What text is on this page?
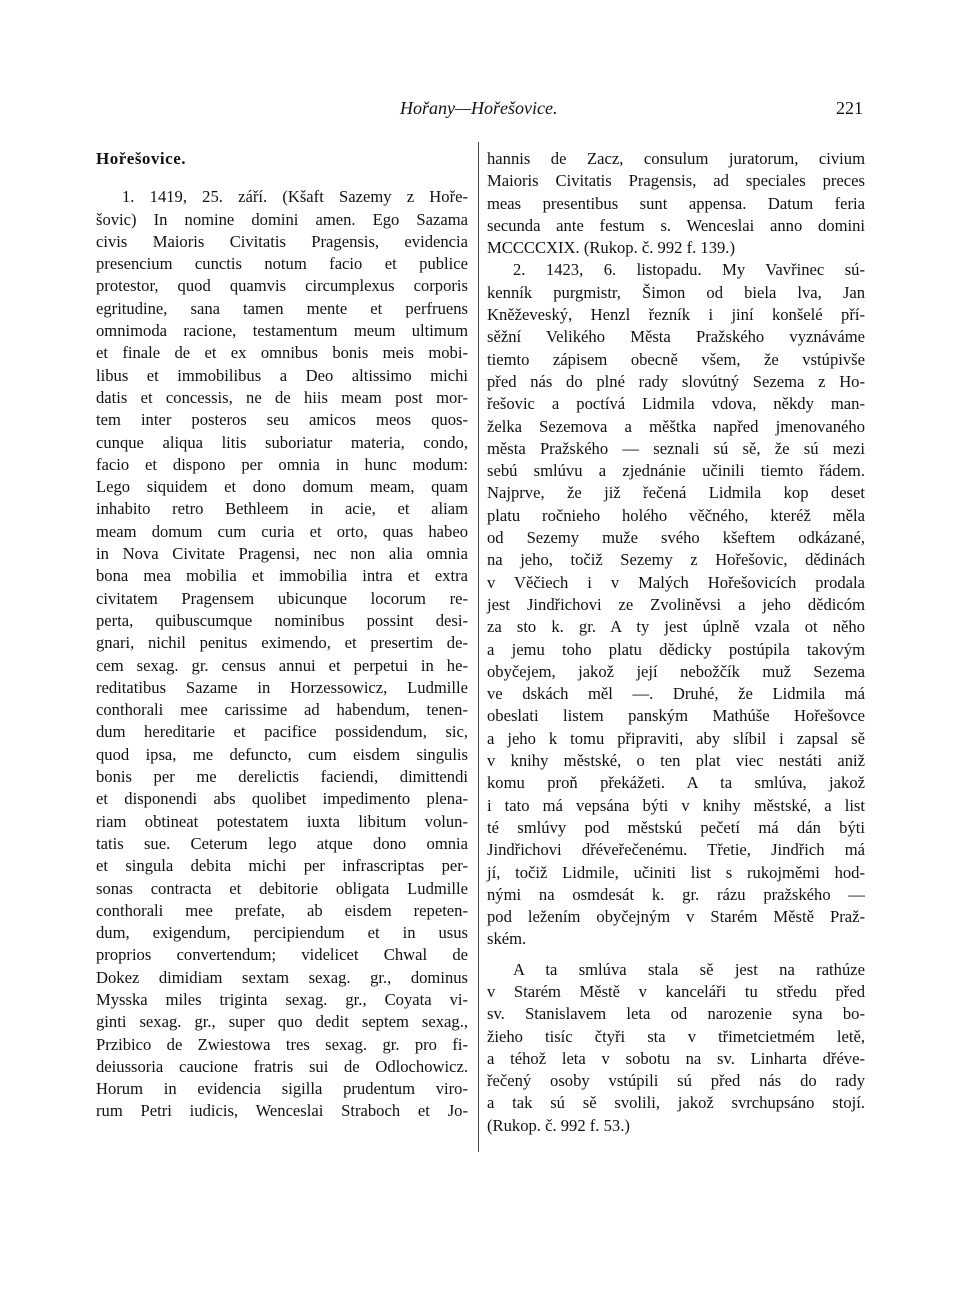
Hořany—Hořešovice.	221
Hořešovice.
1. 1419, 25. září. (Kšaft Sazemy z Hoře-
šovic) In nomine domini amen. Ego Sazama
civis Maioris Civitatis Pragensis, evidencia
presencium cunctis notum facio et publice
protestor, quod quamvis circumplexus corporis
egritudine, sana tamen mente et perfruens
omnimoda racione, testamentum meum ultimum
et finale de et ex omnibus bonis meis mobi-
libus et immobilibus a Deo altissimo michi
datis et concessis, ne de hiis meam post mor-
tem inter posteros seu amicos meos quos-
cunque aliqua litis suboriatur materia, condo,
facio et dispono per omnia in hunc modum:
Lego siquidem et dono domum meam, quam
inhabito retro Bethleem in acie, et aliam
meam domum cum curia et orto, quas habeo
in Nova Civitate Pragensi, nec non alia omnia
bona mea mobilia et immobilia intra et extra
civitatem Pragensem ubicunque locorum re-
perta, quibuscumque nominibus possint desi-
gnari, nichil penitus eximendo, et presertim de-
cem sexag. gr. census annui et perpetui in he-
reditatibus Sazame in Horzessowicz, Ludmille
conthorali mee carissime ad habendum, tenen-
dum hereditarie et pacifice possidendum, sic,
quod ipsa, me defuncto, cum eisdem singulis
bonis per me derelictis faciendi, dimittendi
et disponendi abs quolibet impedimento plena-
riam obtineat potestatem iuxta libitum volun-
tatis sue. Ceterum lego atque dono omnia
et singula debita michi per infrascriptas per-
sonas contracta et debitorie obligata Ludmille
conthorali mee prefate, ab eisdem repeten-
dum, exigendum, percipiendum et in usus
proprios convertendum; videlicet Chwal de
Dokez dimidiam sextam sexag. gr., dominus
Mysska miles triginta sexag. gr., Coyata vi-
ginti sexag. gr., super quo dedit septem sexag.,
Przibico de Zwiestowa tres sexag. gr. pro fi-
deiussoria caucione fratris sui de Odlochowicz.
Horum in evidencia sigilla prudentum viro-
rum Petri iudicis, Wenceslai Straboch et Jo-
hannis de Zacz, consulum juratorum, civium
Maioris Civitatis Pragensis, ad speciales preces
meas presentibus sunt appensa. Datum feria
secunda ante festum s. Wenceslai anno domini
MCCCCXIX. (Rukop. č. 992 f. 139.)
2. 1423, 6. listopadu. My Vavřinec sú-
kenník purgmistr, Šimon od biela lva, Jan
Kněževeský, Henzl řezník i jiní konšelé pří-
sěžní Velikého Města Pražského vyznáváme
tiemto zápisem obecně všem, že vstúpivše
před nás do plné rady slovútný Sezema z Ho-
řešovic a poctívá Lidmila vdova, někdy man-
želka Sezemova a měštka napřed jmenovaného
města Pražského — seznali sú sě, že sú mezi
sebú smlúvu a zjednánie učinili tiemto řádem.
Najprve, že již řečená Lidmila kop deset
platu ročnieho holého věčného, kteréž měla
od Sezemy muže svého kšeftem odkázané,
na jeho, točiž Sezemy z Hořešovic, dědinách
v Věčiech i v Malých Hořešovicích prodala
jest Jindřichovi ze Zvoliněvsi a jeho dědicóm
za sto k. gr. A ty jest úplně vzala ot něho
a jemu toho platu dědicky postúpila takovým
obyčejem, jakož její nebožčík muž Sezema
ve dskách měl —. Druhé, že Lidmila má
obeslati listem panským Mathúše Hořešovce
a jeho k tomu připraviti, aby slíbil i zapsal sě
v knihy městské, o ten plat viec nestáti aniž
komu proň překážeti. A ta smlúva, jakož
i tato má vepsána býti v knihy městské, a list
té smlúvy pod městskú pečetí má dán býti
Jindřichovi dřéveřečenému. Třetie, Jindřich má
jí, točiž Lidmile, učiniti list s rukojměmi hod-
nými na osmdesát k. gr. rázu pražského —
pod ležením obyčejným v Starém Městě Praž-
ském.
A ta smlúva stala sě jest na rathúze
v Starém Městě v kanceláři tu středu před
sv. Stanislavem leta od narozenie syna bo-
žieho tisíc čtyři sta v třimetcietmém letě,
a téhož leta v sobotu na sv. Linharta dřéve-
řečený osoby vstúpili sú před nás do rady
a tak sú sě svolili, jakož svrchupsáno stojí.
(Rukop. č. 992 f. 53.)
